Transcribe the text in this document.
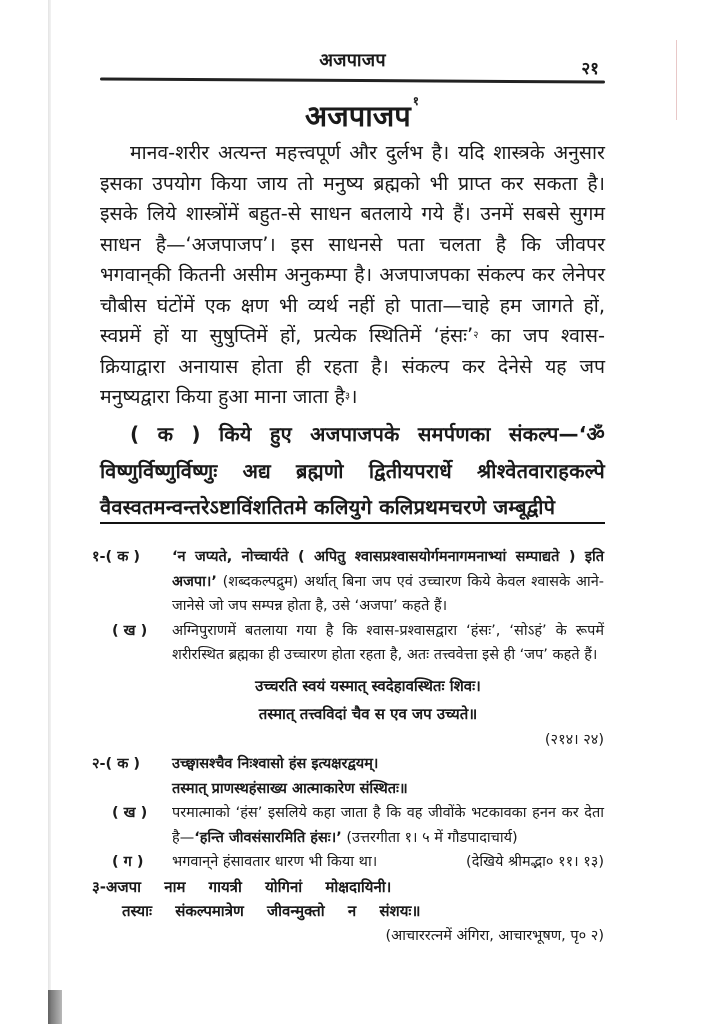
अजपाजप	२१
अजपाजप $^१$

मानव-शरीर अत्यन्त महत्त्वपूर्ण और दुर्लभ है। यदि शास्त्रके अनुसार इसका उपयोग किया जाय तो मनुष्य ब्रह्मको भी प्राप्त कर सकता है। इसके लिये शास्त्रोंमें बहुत-से साधन बतलाये गये हैं। उनमें सबसे सुगम साधन है—‘अजपाजप’। इस साधनसे पता चलता है कि जीवपर भगवान्‌की कितनी असीम अनुकम्पा है। अजपाजपका संकल्प कर लेनेपर चौबीस घंटोंमें एक क्षण भी व्यर्थ नहीं हो पाता—चाहे हम जागते हों, स्वप्नमें हों या सुषुप्तिमें हों, प्रत्येक स्थितिमें ‘हंसः’$^२$ का जप श्वास-क्रियाद्वारा अनायास होता ही रहता है। संकल्प कर देनेसे यह जप मनुष्यद्वारा किया हुआ माना जाता है$^३$।

( क ) किये हुए अजपाजपके समर्पणका संकल्प—‘ॐ विष्णुर्विष्णुर्विष्णुः अद्य ब्रह्मणो द्वितीयपरार्धे श्रीश्वेतवाराहकल्पे वैवस्वतमन्वन्तरेऽष्टाविंशतितमे कलियुगे कलिप्रथमचरणे जम्बूद्वीपे

१-( क ) ‘न जप्यते, नोच्चार्यते ( अपितु श्वासप्रश्वासयोर्गमनागमनाभ्यां सम्पाद्यते ) इति अजपा।’ (शब्दकल्पद्रुम) अर्थात् बिना जप एवं उच्चारण किये केवल श्वासके आने-जानेसे जो जप सम्पन्न होता है, उसे ‘अजपा’ कहते हैं।
( ख ) अग्निपुराणमें बतलाया गया है कि श्वास-प्रश्वासद्वारा ‘हंसः’, ‘सोऽहं’ के रूपमें शरीरस्थित ब्रह्मका ही उच्चारण होता रहता है, अतः तत्त्ववेत्ता इसे ही ‘जप’ कहते हैं।

उच्चरति स्वयं यस्मात् स्वदेहावस्थितः शिवः।

तस्मात् तत्त्वविदां चैव स एव जप उच्यते॥

(२१४। २४)

२-( क ) उच्छ्वासश्चैव निःश्वासो हंस इत्यक्षरद्वयम्।
तस्मात् प्राणस्थहंसाख्य आत्माकारेण संस्थितः॥
( ख ) परमात्माको ‘हंस’ इसलिये कहा जाता है कि वह जीवोंके भटकावका हनन कर देता है—‘हन्ति जीवसंसारमिति हंसः।’ (उत्तरगीता १। ५ में गौडपादाचार्य)
( ग ) भगवान्‌ने हंसावतार धारण भी किया था।	(देखिये श्रीमद्भा० ११। १३)
३-अजपा नाम गायत्री योगिनां मोक्षदायिनी।
तस्याः संकल्पमात्रेण जीवन्मुक्तो न संशयः॥

(आचाररत्नमें अंगिरा, आचारभूषण, पृ० २)
